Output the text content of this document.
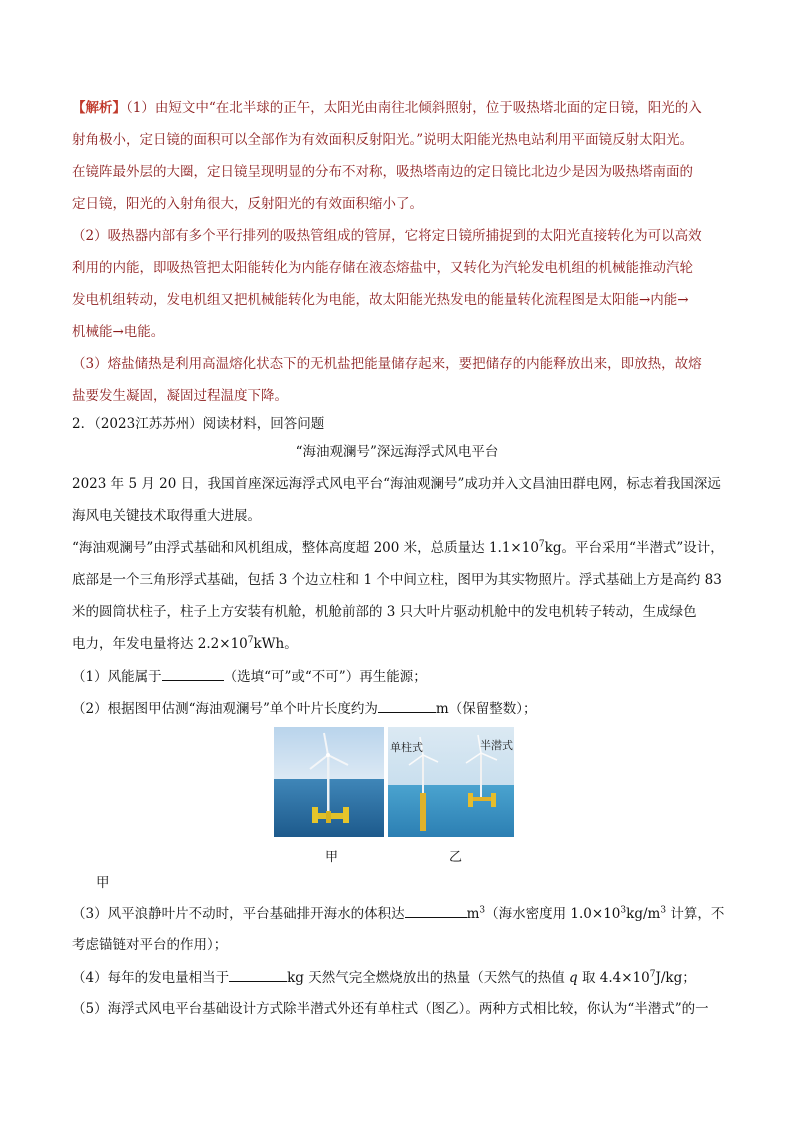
【解析】（1）由短文中“在北半球的正午，太阳光由南往北倾斜照射，位于吸热塔北面的定日镜，阳光的入
射角极小，定日镜的面积可以全部作为有效面积反射阳光。”说明太阳能光热电站利用平面镜反射太阳光。
在镜阵最外层的大圈，定日镜呈现明显的分布不对称，吸热塔南边的定日镜比北边少是因为吸热塔南面的
定日镜，阳光的入射角很大，反射阳光的有效面积缩小了。
（2）吸热器内部有多个平行排列的吸热管组成的管屏，它将定日镜所捕捉到的太阳光直接转化为可以高效
利用的内能，即吸热管把太阳能转化为内能存储在液态熔盐中，又转化为汽轮发电机组的机械能推动汽轮
发电机组转动，发电机组又把机械能转化为电能，故太阳能光热发电的能量转化流程图是太阳能→内能→
机械能→电能。
（3）熔盐储热是利用高温熔化状态下的无机盐把能量储存起来，要把储存的内能释放出来，即放热，故熔
盐要发生凝固，凝固过程温度下降。
2．（2023江苏苏州）阅读材料，回答问题
“海油观澜号”深远海浮式风电平台
2023 年 5 月 20 日，我国首座深远海浮式风电平台“海油观澜号”成功并入文昌油田群电网，标志着我国深远
海风电关键技术取得重大进展。
“海油观澜号”由浮式基础和风机组成，整体高度超 200 米，总质量达 $1.1\times 10^7kg$。平台采用“半潜式”设计，
底部是一个三角形浮式基础，包括 3 个边立柱和 1 个中间立柱，图甲为其实物照片。浮式基础上方是高约 83
米的圆筒状柱子，柱子上方安装有机舱，机舱前部的 3 只大叶片驱动机舱中的发电机转子转动，生成绿色
电力，年发电量将达 $2.2\times 10^7kWh$。
（1）风能属于	（选填“可”或“不可”）再生能源；
（2）根据图甲估测“海油观澜号”单个叶片长度约为	m（保留整数）；
单柱式	半潜式
甲	乙
甲
（3）风平浪静叶片不动时，平台基础排开海水的体积达	$m^3$（海水密度用 $1.0\times 10^3kg/m^3$ 计算，不
考虑锚链对平台的作用）；
（4）每年的发电量相当于	kg 天然气完全燃烧放出的热量（天然气的热值 q 取 $4.4\times 10^7J/kg$；
（5）海浮式风电平台基础设计方式除半潜式外还有单柱式（图乙）。两种方式相比较，你认为“半潜式”的一
